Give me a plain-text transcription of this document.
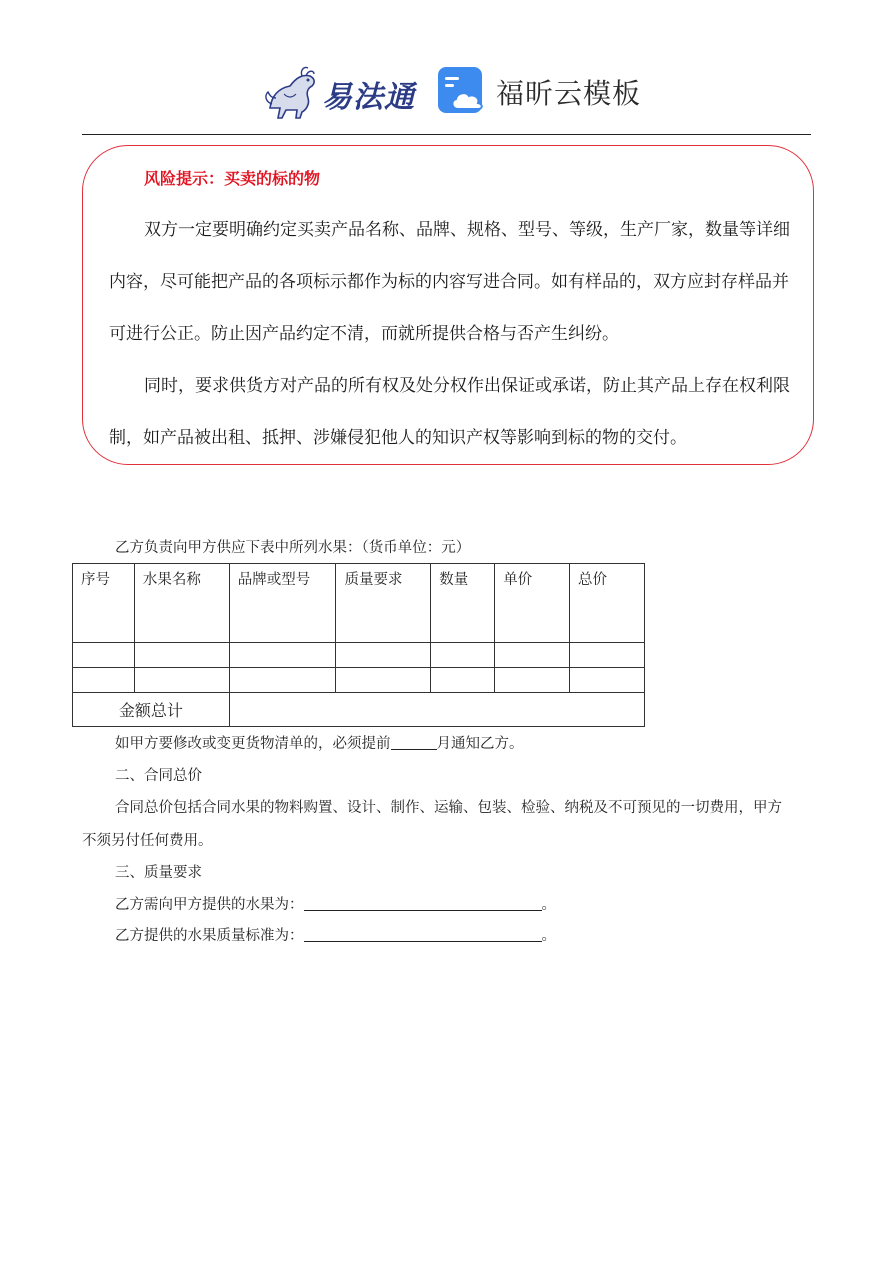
易法通	福昕云模板
风险提示：买卖的标的物

双方一定要明确约定买卖产品名称、品牌、规格、型号、等级，生产厂家，数量等详细内容，尽可能把产品的各项标示都作为标的内容写进合同。如有样品的，双方应封存样品并可进行公正。防止因产品约定不清，而就所提供合格与否产生纠纷。

同时，要求供货方对产品的所有权及处分权作出保证或承诺，防止其产品上存在权利限制，如产品被出租、抵押、涉嫌侵犯他人的知识产权等影响到标的物的交付。

乙方负责向甲方供应下表中所列水果：（货币单位：元）
序号	水果名称	品牌或型号	质量要求	数量	单价	总价

金额总计						
如甲方要修改或变更货物清单的，必须提前	月通知乙方。
二、合同总价
合同总价包括合同水果的物料购置、设计、制作、运输、包装、检验、纳税及不可预见的一切费用，甲方
不须另付任何费用。
三、质量要求
乙方需向甲方提供的水果为：	。
乙方提供的水果质量标准为：	。
